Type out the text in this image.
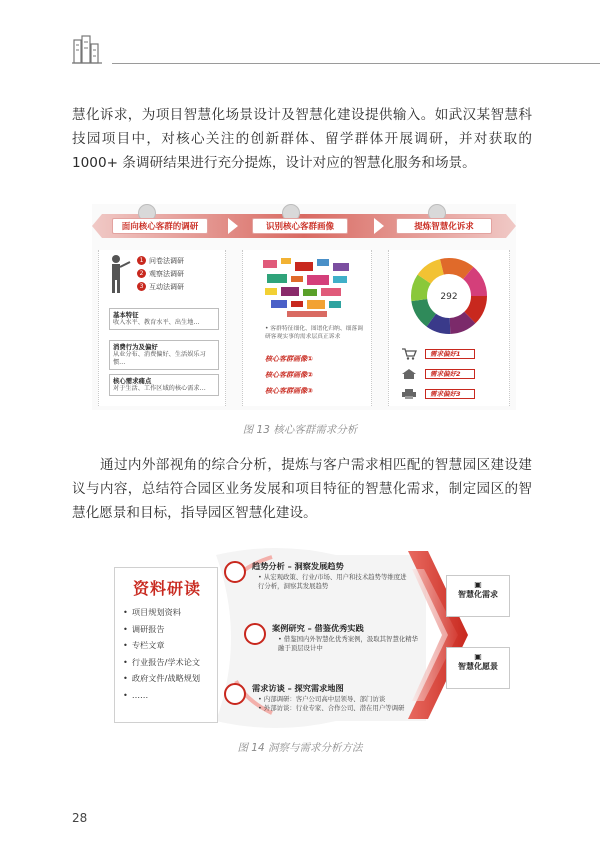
慧化诉求，为项目智慧化场景设计及智慧化建设提供输入。如武汉某智慧科技园项目中，对核心关注的创新群体、留学群体开展调研，并对获取的 1000+ 条调研结果进行充分提炼，设计对应的智慧化服务和场景。

面向核心客群的调研	识别核心客群画像	提炼智慧化诉求
1 问卷法调研
2 观察法调研
3 互动法调研
基本特征
收入水平、教育水平、出生地…
消费行为及偏好
从业分布、消费偏好、生活娱乐习惯…
核心需求痛点
对于生活、工作区域的核心需求…
• 客群特征细化、图谱化归纳、细落调研客观实事的需求层真正诉求
核心客群画像①
核心客群画像②
核心客群画像③
292
需求偏好1
需求偏好2
需求偏好3
图 13 核心客群需求分析

通过内外部视角的综合分析，提炼与客户需求相匹配的智慧园区建设建议与内容，总结符合园区业务发展和项目特征的智慧化需求，制定园区的智慧化愿景和目标，指导园区智慧化建设。

资料研读
• 项目规划资料
• 调研报告
• 专栏文章
• 行业报告/学术论文
• 政府文件/战略规划
• ……
趋势分析 – 洞察发展趋势
• 从宏观政策、行业/市场、用户和技术趋势等维度进行分析，洞察其发展趋势
案例研究 – 借鉴优秀实践
• 借鉴国内外智慧化优秀案例，汲取其智慧化精华融于顶层设计中
需求访谈 – 探究需求地图
• 内部调研：客户公司高中层领导、部门访谈
• 外部访谈：行业专家、合作公司、潜在用户等调研
▣
智慧化需求
▣
智慧化愿景
图 14 洞察与需求分析方法
28
